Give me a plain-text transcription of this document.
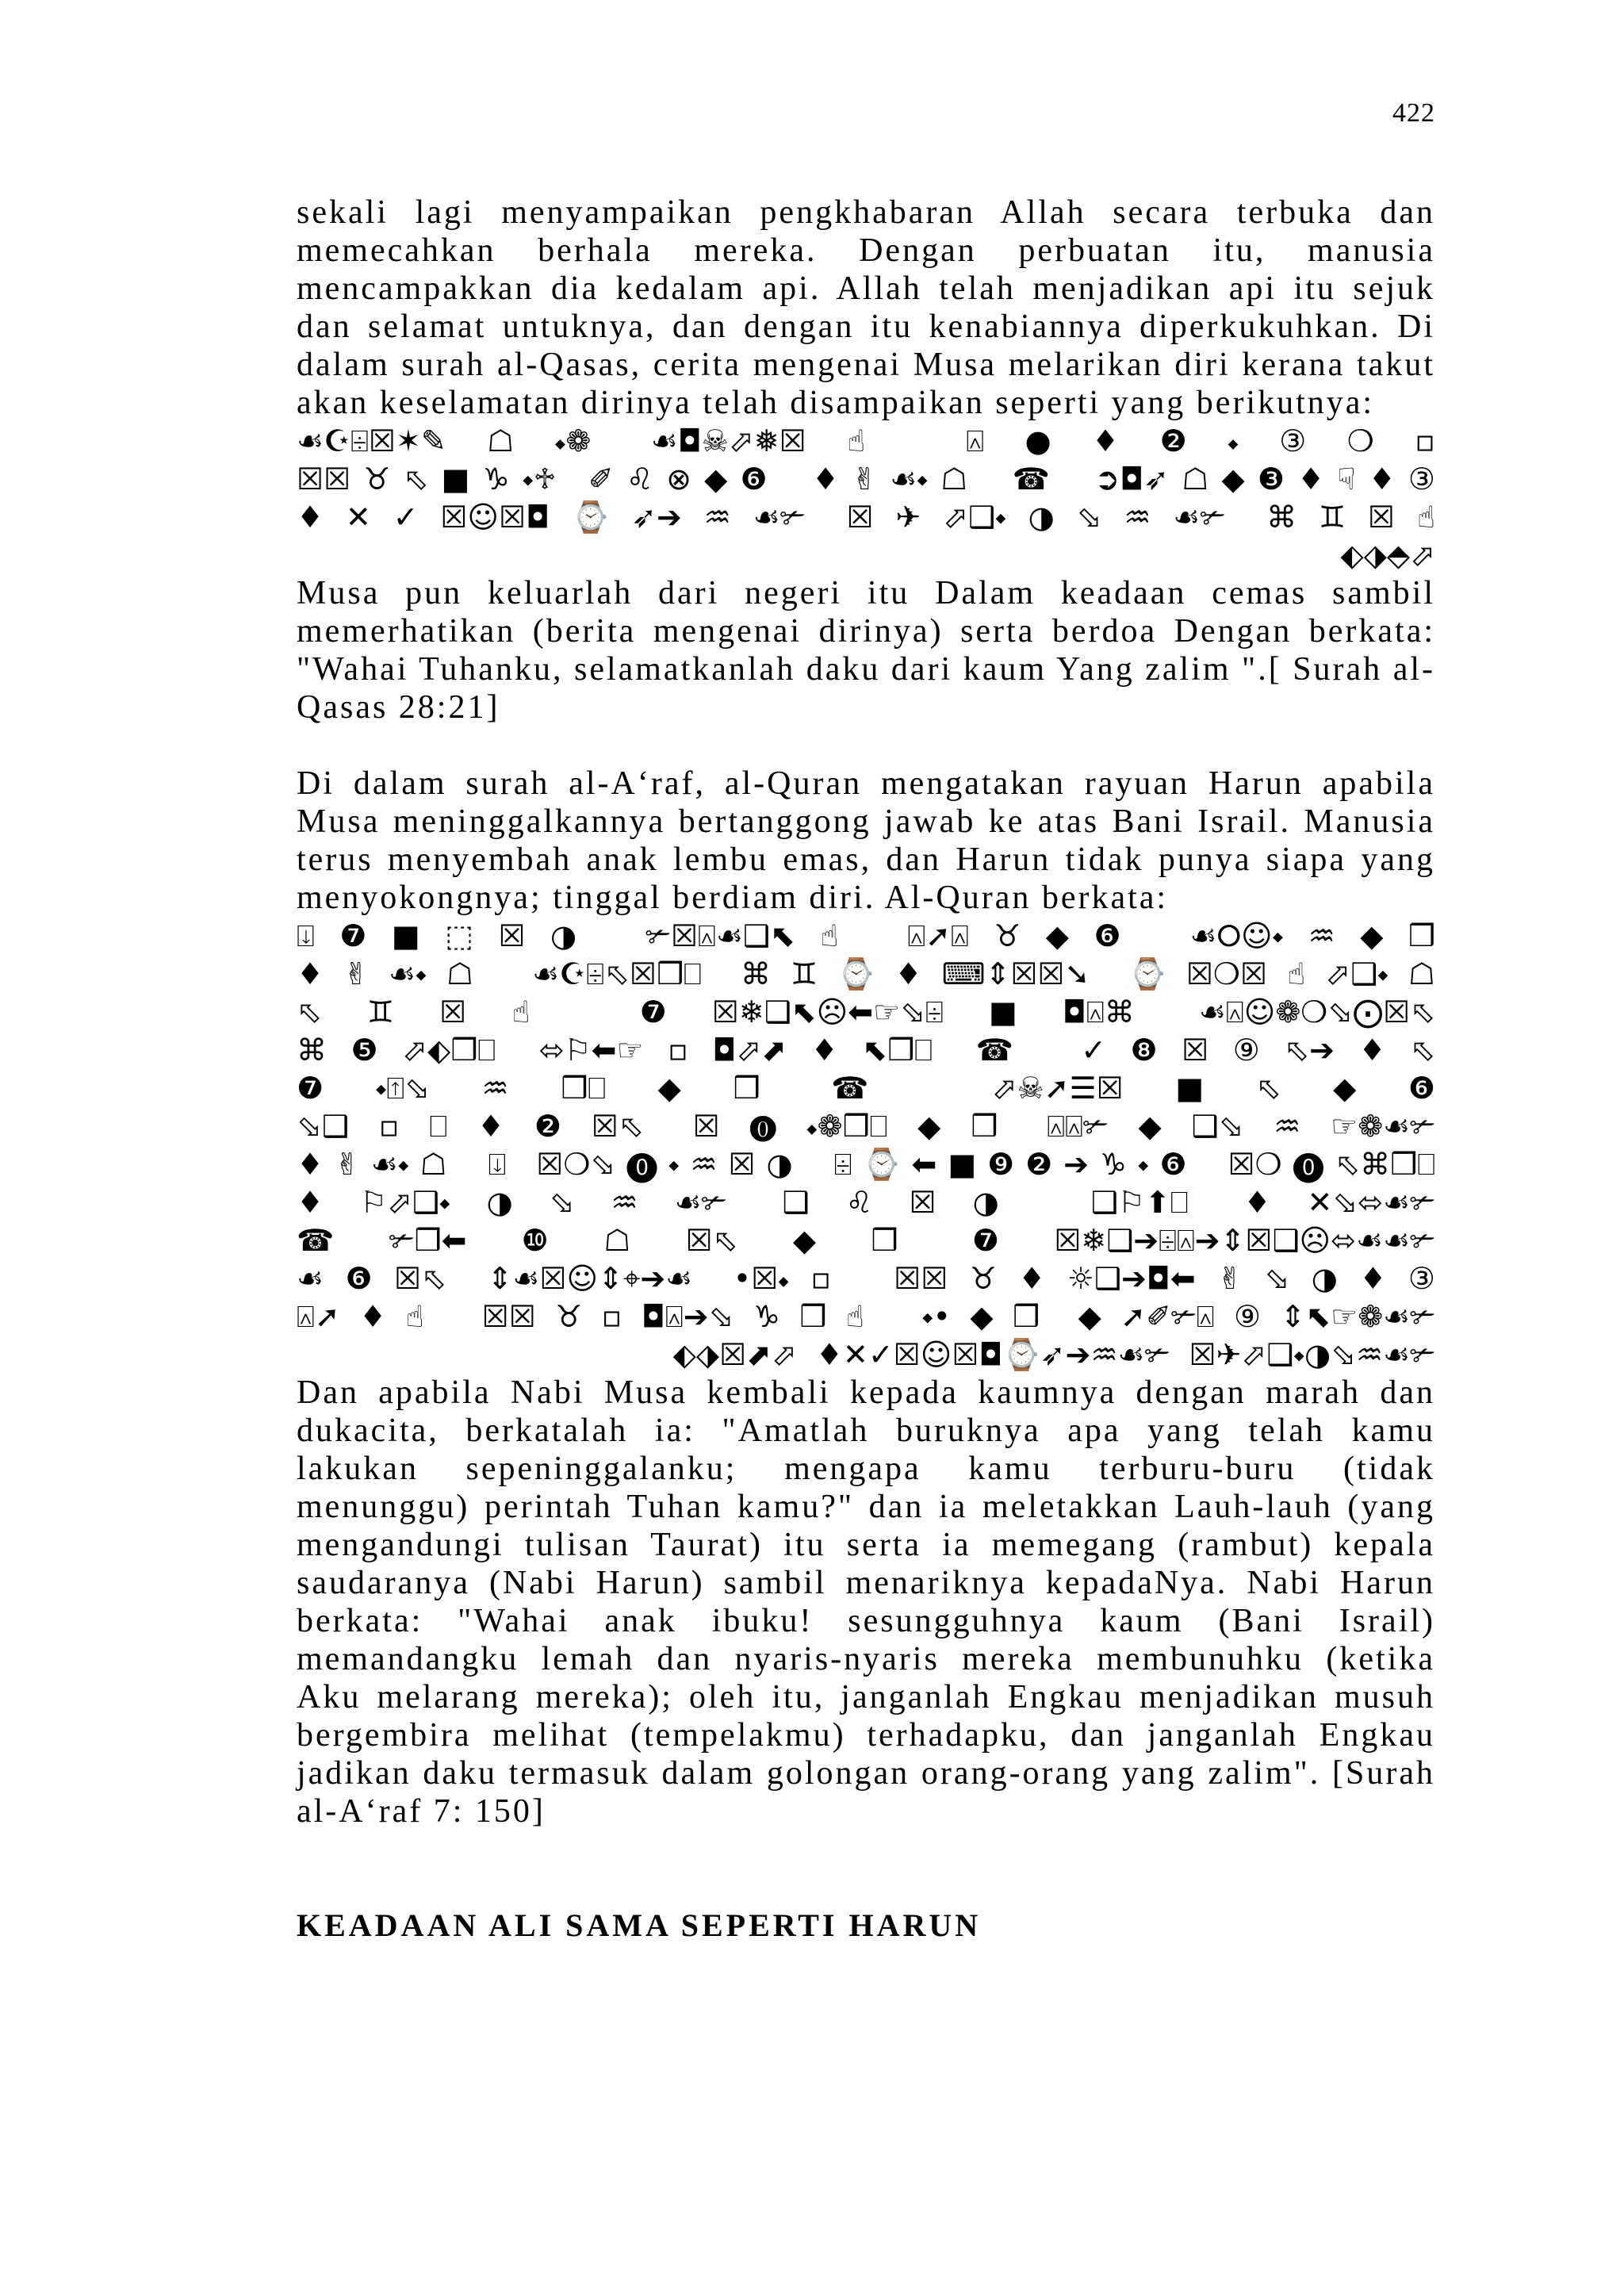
422

sekali lagi menyampaikan pengkhabaran Allah secara terbuka dan memecahkan berhala mereka. Dengan perbuatan itu, manusia mencampakkan dia kedalam api. Allah telah menjadikan api itu sejuk dan selamat untuknya, dan dengan itu kenabiannya diperkukuhkan. Di dalam surah al-Qasas, cerita mengenai Musa melarikan diri kerana takut akan keselamatan dirinya telah disampaikan seperti yang berikutnya:

☙☪⌹☒✶✎☖⬩❁ ☙◘☠⬀❅☒☝ ⍓●♦❷⬩③❍▫
☒☒♉⬁■♑⬩♱ ✐♌⊗◆❻ ♦✌☙⬩☖ ☎ ➲◘➶☖◆❸♦☟♦③
♦✕✓☒☺☒◘⌚➶➔♒☙✃ ☒✈⬀❑⬩◑⬂♒☙✃ ⌘♊☒☝
⬖⬗⬘⬀

Musa pun keluarlah dari negeri itu Dalam keadaan cemas sambil memerhatikan (berita mengenai dirinya) serta berdoa Dengan berkata: "Wahai Tuhanku, selamatkanlah daku dari kaum Yang zalim ".[ Surah al-Qasas 28:21]

Di dalam surah al-A‘raf, al-Quran mengatakan rayuan Harun apabila Musa meninggalkannya bertanggong jawab ke atas Bani Israil. Manusia terus menyembah anak lembu emas, dan Harun tidak punya siapa yang menyokongnya; tinggal berdiam diri. Al-Quran berkata:

⍗❼■⬚☒◑ ✃☒⍓☙❑⬉☝ ⍓➚⍓♉◆❻ ☙⭘☺⬩♒◆❒
♦✌☙⬩☖ ☙☪⌹⬁☒❒⎕ ⌘♊⌚♦⌨⇕☒☒➘ ⌚☒❍☒☝⬀❑⬩☖
⬁♊☒☝ ❼☒❄❑⬉☹⬅☞⬂⌹■◘⍓⌘ ☙⍓☺❁❍⬂⨀☒⬁
⌘❺⬀⬖❒⎕ ⬄⚐⬅☞▫◘⬀⬈♦⬉❒⎕ ☎ ✓❽☒⑨⬁➔♦⬁
❼⬩⍐⬂♒❒⎕◆❒ ☎ ⬀☠➚☰☒■⬁◆❻
⬂❑▫⎕♦❷☒⬁ ☒⓿⬩❁❒⎕◆❒ ⍓⍓✃◆❑⬂♒☞❁☙✃
♦✌☙⬩☖ ⍗ ☒❍⬂⓿⬩♒☒◑ ⌹⌚⬅■❾❷➔♑⬩❻ ☒❍⓿⬁⌘❒⎕
♦⚐⬀❑⬩◑⬂♒☙✃ ❑♌☒◑ ❑⚐⬆⎕ ♦✕⬂⬄☙✃
☎✃❒⬅❿☖☒⬁◆❒ ❼☒❄❑➔⌹⍓➔⇕☒❑☹⬄☙☙✃
☙❻☒⬁ ⇕☙☒☺⇕⌖➔☙ •☒⬩▫ ☒☒♉♦☼❑➔◘⬅✌⬂◑♦③
⍓➚♦☝ ☒☒♉▫◘⍓➔⬂♑❒☝ ⬩•◆❒ ◆➚✐✃⍓⑨⇕⬉☞❁☙✃
⬖⬗☒⬈⬀ ♦✕✓☒☺☒◘⌚➶➔♒☙✃ ☒✈⬀❑⬩◑⬂♒☙✃

Dan apabila Nabi Musa kembali kepada kaumnya dengan marah dan dukacita, berkatalah ia: "Amatlah buruknya apa yang telah kamu lakukan sepeninggalanku; mengapa kamu terburu-buru (tidak menunggu) perintah Tuhan kamu?" dan ia meletakkan Lauh-lauh (yang mengandungi tulisan Taurat) itu serta ia memegang (rambut) kepala saudaranya (Nabi Harun) sambil menariknya kepadaNya. Nabi Harun berkata: "Wahai anak ibuku! sesungguhnya kaum (Bani Israil) memandangku lemah dan nyaris-nyaris mereka membunuhku (ketika Aku melarang mereka); oleh itu, janganlah Engkau menjadikan musuh bergembira melihat (tempelakmu) terhadapku, dan janganlah Engkau jadikan daku termasuk dalam golongan orang-orang yang zalim". [Surah al-A‘raf 7: 150]

KEADAAN ALI SAMA SEPERTI HARUN
